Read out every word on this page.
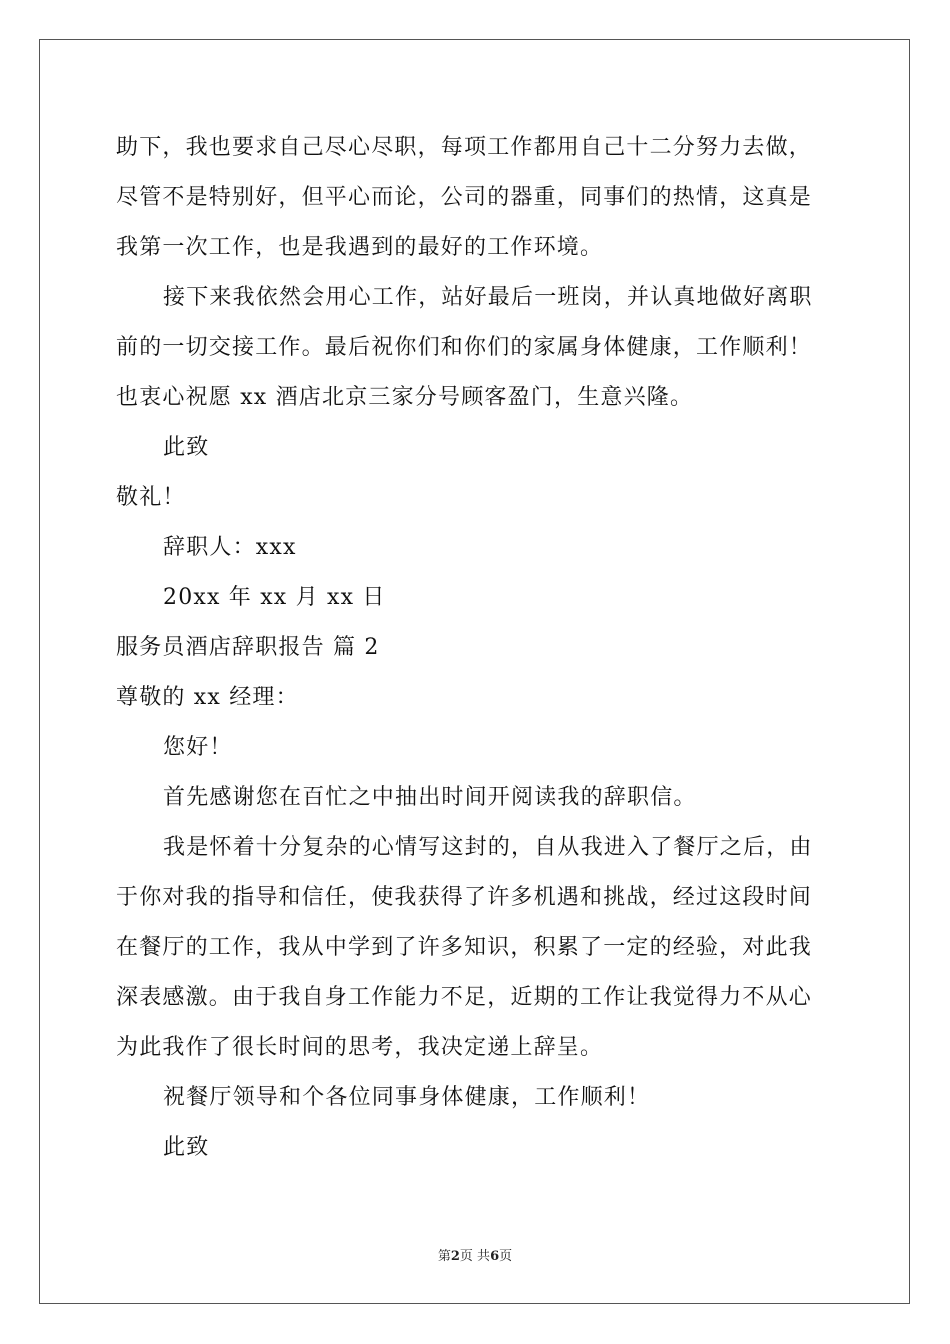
助下，我也要求自己尽心尽职，每项工作都用自己十二分努力去做，
尽管不是特别好，但平心而论，公司的器重，同事们的热情，这真是
我第一次工作，也是我遇到的最好的工作环境。
接下来我依然会用心工作，站好最后一班岗，并认真地做好离职
前的一切交接工作。最后祝你们和你们的家属身体健康，工作顺利！
也衷心祝愿 xx 酒店北京三家分号顾客盈门，生意兴隆。
此致
敬礼！
辞职人：xxx
20xx 年 xx 月 xx 日
服务员酒店辞职报告 篇 2
尊敬的 xx 经理：
您好！
首先感谢您在百忙之中抽出时间开阅读我的辞职信。
我是怀着十分复杂的心情写这封的，自从我进入了餐厅之后，由
于你对我的指导和信任，使我获得了许多机遇和挑战，经过这段时间
在餐厅的工作，我从中学到了许多知识，积累了一定的经验，对此我
深表感激。由于我自身工作能力不足，近期的工作让我觉得力不从心
为此我作了很长时间的思考，我决定递上辞呈。
祝餐厅领导和个各位同事身体健康，工作顺利！
此致
第2页 共6页
